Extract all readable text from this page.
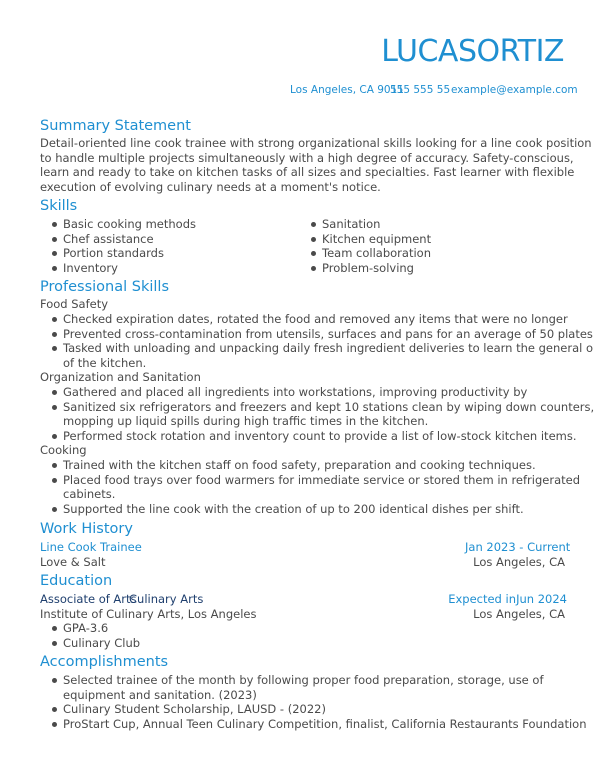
LUCASORTIZ
Los Angeles, CA 9011
555 555 55 example@example.com
Summary Statement
Detail-oriented line cook trainee with strong organizational skills looking for a line cook position
to handle multiple projects simultaneously with a high degree of accuracy. Safety-conscious,
learn and ready to take on kitchen tasks of all sizes and specialties. Fast learner with flexible
execution of evolving culinary needs at a moment's notice.
Skills
Basic cooking methods
Chef assistance
Portion standards
Inventory
Sanitation
Kitchen equipment
Team collaboration
Problem-solving
Professional Skills
Food Safety
Checked expiration dates, rotated the food and removed any items that were no longer
Prevented cross-contamination from utensils, surfaces and pans for an average of 50 plates
Tasked with unloading and unpacking daily fresh ingredient deliveries to learn the general o
of the kitchen.
Organization and Sanitation
Gathered and placed all ingredients into workstations, improving productivity by
Sanitized six refrigerators and freezers and kept 10 stations clean by wiping down counters,
mopping up liquid spills during high traffic times in the kitchen.
Performed stock rotation and inventory count to provide a list of low-stock kitchen items.
Cooking
Trained with the kitchen staff on food safety, preparation and cooking techniques.
Placed food trays over food warmers for immediate service or stored them in refrigerated
cabinets.
Supported the line cook with the creation of up to 200 identical dishes per shift.
Work History
Line Cook Trainee	Jan 2023 - Current
Love & Salt	Los Angeles, CA
Education
Associate of Arts
Culinary Arts	Expected in Jun 2024
Institute of Culinary Arts, Los Angeles	Los Angeles, CA
GPA-3.6
Culinary Club
Accomplishments
Selected trainee of the month by following proper food preparation, storage, use of
equipment and sanitation. (2023)
Culinary Student Scholarship, LAUSD - (2022)
ProStart Cup, Annual Teen Culinary Competition, finalist, California Restaurants Foundation
